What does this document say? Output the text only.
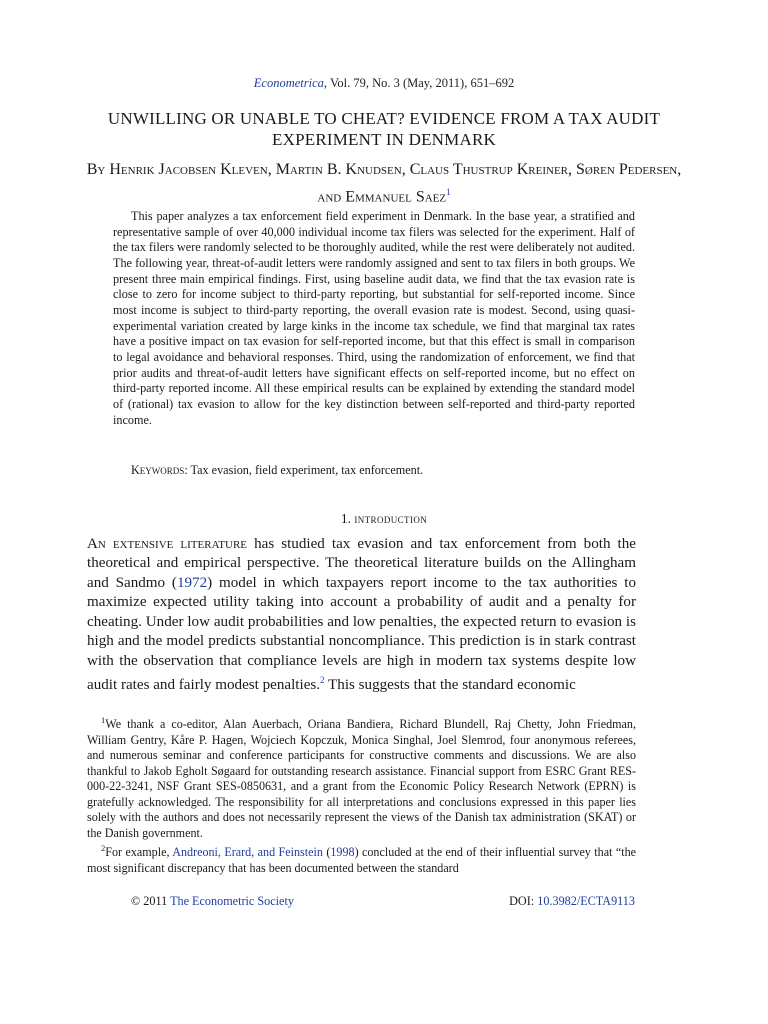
Econometrica, Vol. 79, No. 3 (May, 2011), 651–692
UNWILLING OR UNABLE TO CHEAT? EVIDENCE FROM A TAX AUDIT EXPERIMENT IN DENMARK
By Henrik Jacobsen Kleven, Martin B. Knudsen, Claus Thustrup Kreiner, Søren Pedersen, and Emmanuel Saez$^1$

This paper analyzes a tax enforcement field experiment in Denmark. In the base year, a stratified and representative sample of over 40,000 individual income tax filers was selected for the experiment. Half of the tax filers were randomly selected to be thoroughly audited, while the rest were deliberately not audited. The following year, threat-of-audit letters were randomly assigned and sent to tax filers in both groups. We present three main empirical findings. First, using baseline audit data, we find that the tax evasion rate is close to zero for income subject to third-party reporting, but substantial for self-reported income. Since most income is subject to third-party reporting, the overall evasion rate is modest. Second, using quasi-experimental variation created by large kinks in the income tax schedule, we find that marginal tax rates have a positive impact on tax evasion for self-reported income, but that this effect is small in comparison to legal avoidance and behavioral responses. Third, using the randomization of enforcement, we find that prior audits and threat-of-audit letters have significant effects on self-reported income, but no effect on third-party reported income. All these empirical results can be explained by extending the standard model of (rational) tax evasion to allow for the key distinction between self-reported and third-party reported income.

Keywords: Tax evasion, field experiment, tax enforcement.
1. introduction

An extensive literature has studied tax evasion and tax enforcement from both the theoretical and empirical perspective. The theoretical literature builds on the Allingham and Sandmo (1972) model in which taxpayers report income to the tax authorities to maximize expected utility taking into account a probability of audit and a penalty for cheating. Under low audit probabilities and low penalties, the expected return to evasion is high and the model predicts substantial noncompliance. This prediction is in stark contrast with the observation that compliance levels are high in modern tax systems despite low audit rates and fairly modest penalties.$^2$ This suggests that the standard economic

$^1$We thank a co-editor, Alan Auerbach, Oriana Bandiera, Richard Blundell, Raj Chetty, John Friedman, William Gentry, Kåre P. Hagen, Wojciech Kopczuk, Monica Singhal, Joel Slemrod, four anonymous referees, and numerous seminar and conference participants for constructive comments and discussions. We are also thankful to Jakob Egholt Søgaard for outstanding research assistance. Financial support from ESRC Grant RES-000-22-3241, NSF Grant SES-0850631, and a grant from the Economic Policy Research Network (EPRN) is gratefully acknowledged. The responsibility for all interpretations and conclusions expressed in this paper lies solely with the authors and does not necessarily represent the views of the Danish tax administration (SKAT) or the Danish government.

$^2$For example, Andreoni, Erard, and Feinstein (1998) concluded at the end of their influential survey that “the most significant discrepancy that has been documented between the standard

© 2011 The Econometric Society	DOI: 10.3982/ECTA9113
